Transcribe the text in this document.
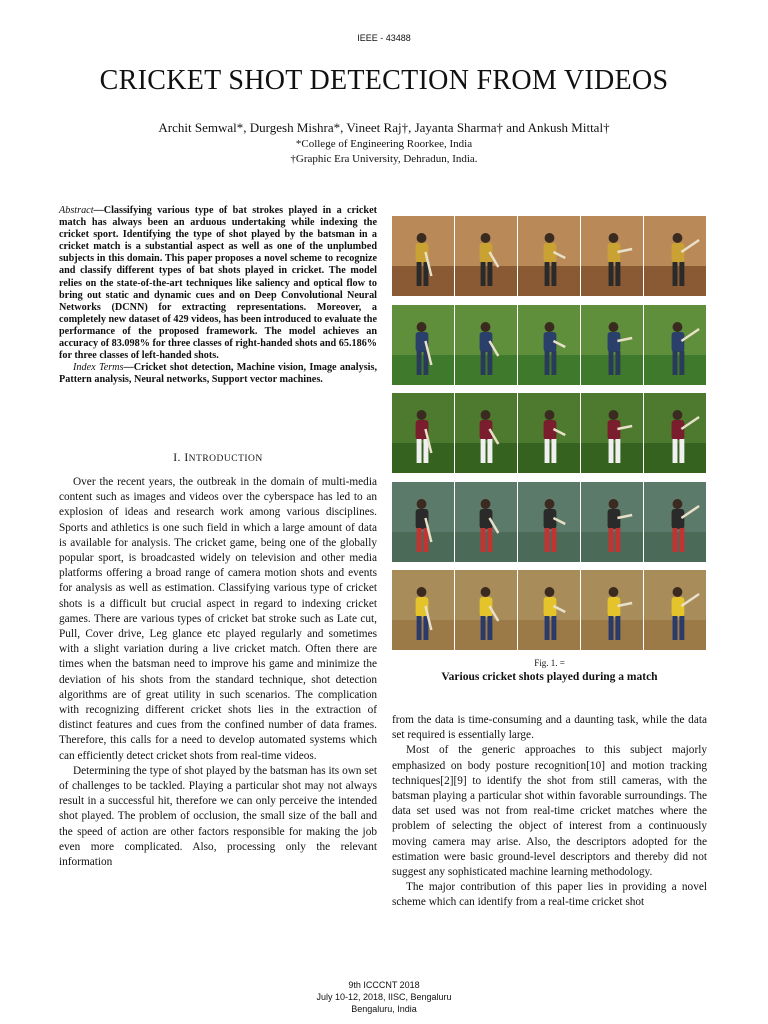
IEEE - 43488
CRICKET SHOT DETECTION FROM VIDEOS
Archit Semwal*, Durgesh Mishra*, Vineet Raj†, Jayanta Sharma† and Ankush Mittal†
*College of Engineering Roorkee, India
†Graphic Era University, Dehradun, India.
Abstract—Classifying various type of bat strokes played in a cricket match has always been an arduous undertaking while indexing the cricket sport. Identifying the type of shot played by the batsman in a cricket match is a substantial aspect as well as one of the unplumbed subjects in this domain. This paper proposes a novel scheme to recognize and classify different types of bat shots played in cricket. The model relies on the state-of-the-art techniques like saliency and optical flow to bring out static and dynamic cues and on Deep Convolutional Neural Networks (DCNN) for extracting representations. Moreover, a completely new dataset of 429 videos, has been introduced to evaluate the performance of the proposed framework. The model achieves an accuracy of 83.098% for three classes of right-handed shots and 65.186% for three classes of left-handed shots.
Index Terms—Cricket shot detection, Machine vision, Image analysis, Pattern analysis, Neural networks, Support vector machines.
I. INTRODUCTION

Over the recent years, the outbreak in the domain of multi-media content such as images and videos over the cyberspace has led to an explosion of ideas and research work among various disciplines. Sports and athletics is one such field in which a large amount of data is available for analysis. The cricket game, being one of the globally popular sport, is broadcasted widely on television and other media platforms offering a broad range of camera motion shots and events for analysis as well as estimation. Classifying various type of cricket shots is a difficult but crucial aspect in regard to indexing cricket games. There are various types of cricket bat stroke such as Late cut, Pull, Cover drive, Leg glance etc played regularly and sometimes with a slight variation during a live cricket match. Often there are times when the batsman need to improve his game and minimize the deviation of his shots from the standard technique, shot detection algorithms are of great utility in such scenarios. The complication with recognizing different cricket shots lies in the extraction of distinct features and cues from the confined number of data frames. Therefore, this calls for a need to develop automated systems which can efficiently detect cricket shots from real-time videos.

Determining the type of shot played by the batsman has its own set of challenges to be tackled. Playing a particular shot may not always result in a successful hit, therefore we can only perceive the intended shot played. The problem of occlusion, the small size of the ball and the speed of action are other factors responsible for making the job even more complicated. Also, processing only the relevant information

Fig. 1. =
Various cricket shots played during a match

from the data is time-consuming and a daunting task, while the data set required is essentially large.

Most of the generic approaches to this subject majorly emphasized on body posture recognition[10] and motion tracking techniques[2][9] to identify the shot from still cameras, with the batsman playing a particular shot within favorable surroundings. The data set used was not from real-time cricket matches where the problem of selecting the object of interest from a continuously moving camera may arise. Also, the descriptors adopted for the estimation were basic ground-level descriptors and thereby did not suggest any sophisticated machine learning methodology.

The major contribution of this paper lies in providing a novel scheme which can identify from a real-time cricket shot

9th ICCCNT 2018
July 10-12, 2018, IISC, Bengaluru
Bengaluru, India
